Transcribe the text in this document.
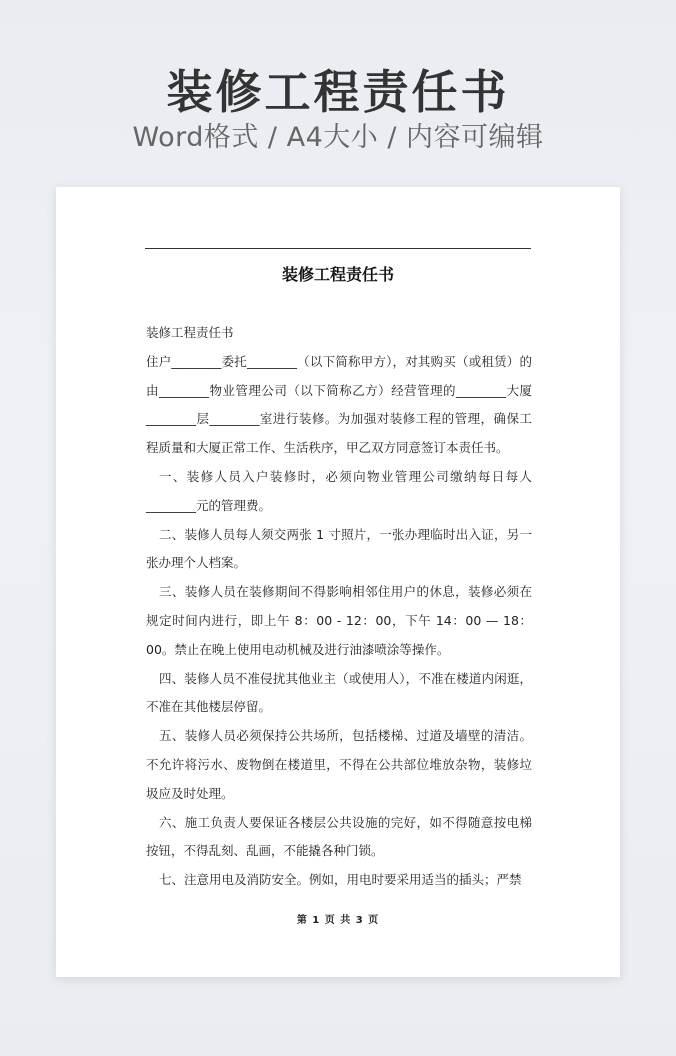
装修工程责任书
Word格式 / A4大小 / 内容可编辑
装修工程责任书

装修工程责任书

住户________委托________（以下简称甲方），对其购买（或租赁）的由________物业管理公司（以下简称乙方）经营管理的________大厦________层________室进行装修。为加强对装修工程的管理，确保工程质量和大厦正常工作、生活秩序，甲乙双方同意签订本责任书。

一、装修人员入户装修时，必须向物业管理公司缴纳每日每人________元的管理费。

二、装修人员每人须交两张 1 寸照片，一张办理临时出入证，另一张办理个人档案。

三、装修人员在装修期间不得影响相邻住用户的休息，装修必须在规定时间内进行，即上午 8：00 - 12：00，下午 14：00 — 18：00。禁止在晚上使用电动机械及进行油漆喷涂等操作。

四、装修人员不准侵扰其他业主（或使用人），不准在楼道内闲逛，不准在其他楼层停留。

五、装修人员必须保持公共场所，包括楼梯、过道及墙壁的清洁。不允许将污水、废物倒在楼道里，不得在公共部位堆放杂物，装修垃圾应及时处理。

六、施工负责人要保证各楼层公共设施的完好，如不得随意按电梯按钮，不得乱刻、乱画，不能撬各种门锁。

七、注意用电及消防安全。例如，用电时要采用适当的插头；严禁

第 1 页 共 3 页
